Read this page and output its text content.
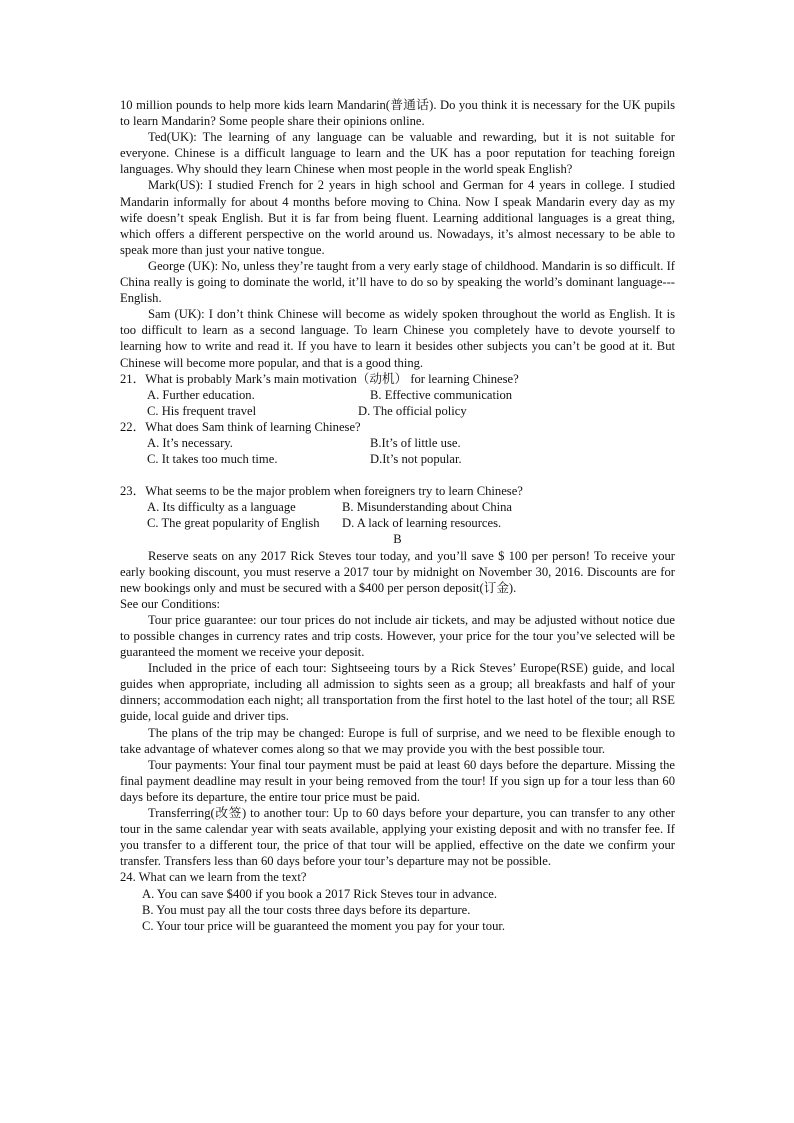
10 million pounds to help more kids learn Mandarin(普通话). Do you think it is necessary for the UK pupils to learn Mandarin? Some people share their opinions online.

Ted(UK): The learning of any language can be valuable and rewarding, but it is not suitable for everyone. Chinese is a difficult language to learn and the UK has a poor reputation for teaching foreign languages. Why should they learn Chinese when most people in the world speak English?

Mark(US): I studied French for 2 years in high school and German for 4 years in college. I studied Mandarin informally for about 4 months before moving to China. Now I speak Mandarin every day as my wife doesn’t speak English. But it is far from being fluent. Learning additional languages is a great thing, which offers a different perspective on the world around us. Nowadays, it’s almost necessary to be able to speak more than just your native tongue.

George (UK): No, unless they’re taught from a very early stage of childhood. Mandarin is so difficult. If China really is going to dominate the world, it’ll have to do so by speaking the world’s dominant language---English.

Sam (UK): I don’t think Chinese will become as widely spoken throughout the world as English. It is too difficult to learn as a second language. To learn Chinese you completely have to devote yourself to learning how to write and read it. If you have to learn it besides other subjects you can’t be good at it. But Chinese will become more popular, and that is a good thing.

21．What is probably Mark’s main motivation（动机） for learning Chinese?

A. Further education.	B. Effective communication
C. His frequent travel	D. The official policy

22．What does Sam think of learning Chinese?

A. It’s necessary.	B.It’s of little use.
C. It takes too much time.	D.It’s not popular.

23．What seems to be the major problem when foreigners try to learn Chinese?

A. Its difficulty as a language	B. Misunderstanding about China
C. The great popularity of English	D. A lack of learning resources.

B

Reserve seats on any 2017 Rick Steves tour today, and you’ll save $ 100 per person! To receive your early booking discount, you must reserve a 2017 tour by midnight on November 30, 2016. Discounts are for new bookings only and must be secured with a $400 per person deposit(订金).

See our Conditions:

Tour price guarantee: our tour prices do not include air tickets, and may be adjusted without notice due to possible changes in currency rates and trip costs. However, your price for the tour you’ve selected will be guaranteed the moment we receive your deposit.

Included in the price of each tour: Sightseeing tours by a Rick Steves’ Europe(RSE) guide, and local guides when appropriate, including all admission to sights seen as a group; all breakfasts and half of your dinners; accommodation each night; all transportation from the first hotel to the last hotel of the tour; all RSE guide, local guide and driver tips.

The plans of the trip may be changed: Europe is full of surprise, and we need to be flexible enough to take advantage of whatever comes along so that we may provide you with the best possible tour.

Tour payments: Your final tour payment must be paid at least 60 days before the departure. Missing the final payment deadline may result in your being removed from the tour! If you sign up for a tour less than 60 days before its departure, the entire tour price must be paid.

Transferring(改签) to another tour: Up to 60 days before your departure, you can transfer to any other tour in the same calendar year with seats available, applying your existing deposit and with no transfer fee. If you transfer to a different tour, the price of that tour will be applied, effective on the date we confirm your transfer. Transfers less than 60 days before your tour’s departure may not be possible.

24. What can we learn from the text?

A. You can save $400 if you book a 2017 Rick Steves tour in advance.

B. You must pay all the tour costs three days before its departure.

C. Your tour price will be guaranteed the moment you pay for your tour.
